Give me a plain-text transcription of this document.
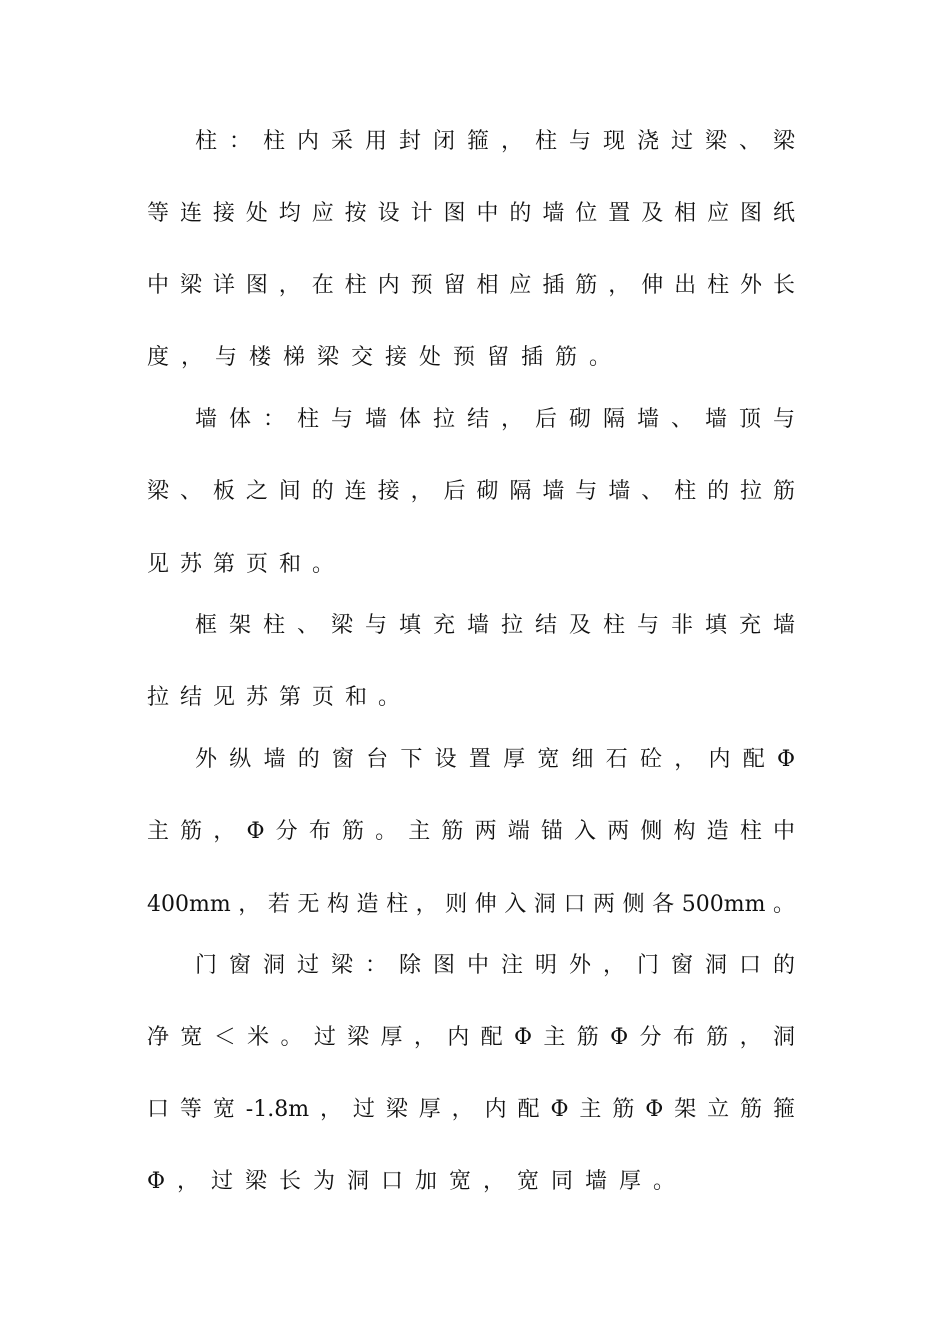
柱：柱内采用封闭箍，柱与现浇过梁、梁
等连接处均应按设计图中的墙位置及相应图纸
中梁详图，在柱内预留相应插筋，伸出柱外长
度，与楼梯梁交接处预留插筋。
墙体：柱与墙体拉结，后砌隔墙、墙顶与
梁、板之间的连接，后砌隔墙与墙、柱的拉筋
见苏第页和。
框架柱、梁与填充墙拉结及柱与非填充墙
拉结见苏第页和。
外纵墙的窗台下设置厚宽细石砼，内配Φ
主筋，Φ分布筋。主筋两端锚入两侧构造柱中
400mm，若无构造柱，则伸入洞口两侧各500mm。
门窗洞过梁：除图中注明外，门窗洞口的
净宽＜米。过梁厚，内配Φ主筋Φ分布筋，洞
口等宽-1.8m，过梁厚，内配Φ主筋Φ架立筋箍
Φ，过梁长为洞口加宽，宽同墙厚。
